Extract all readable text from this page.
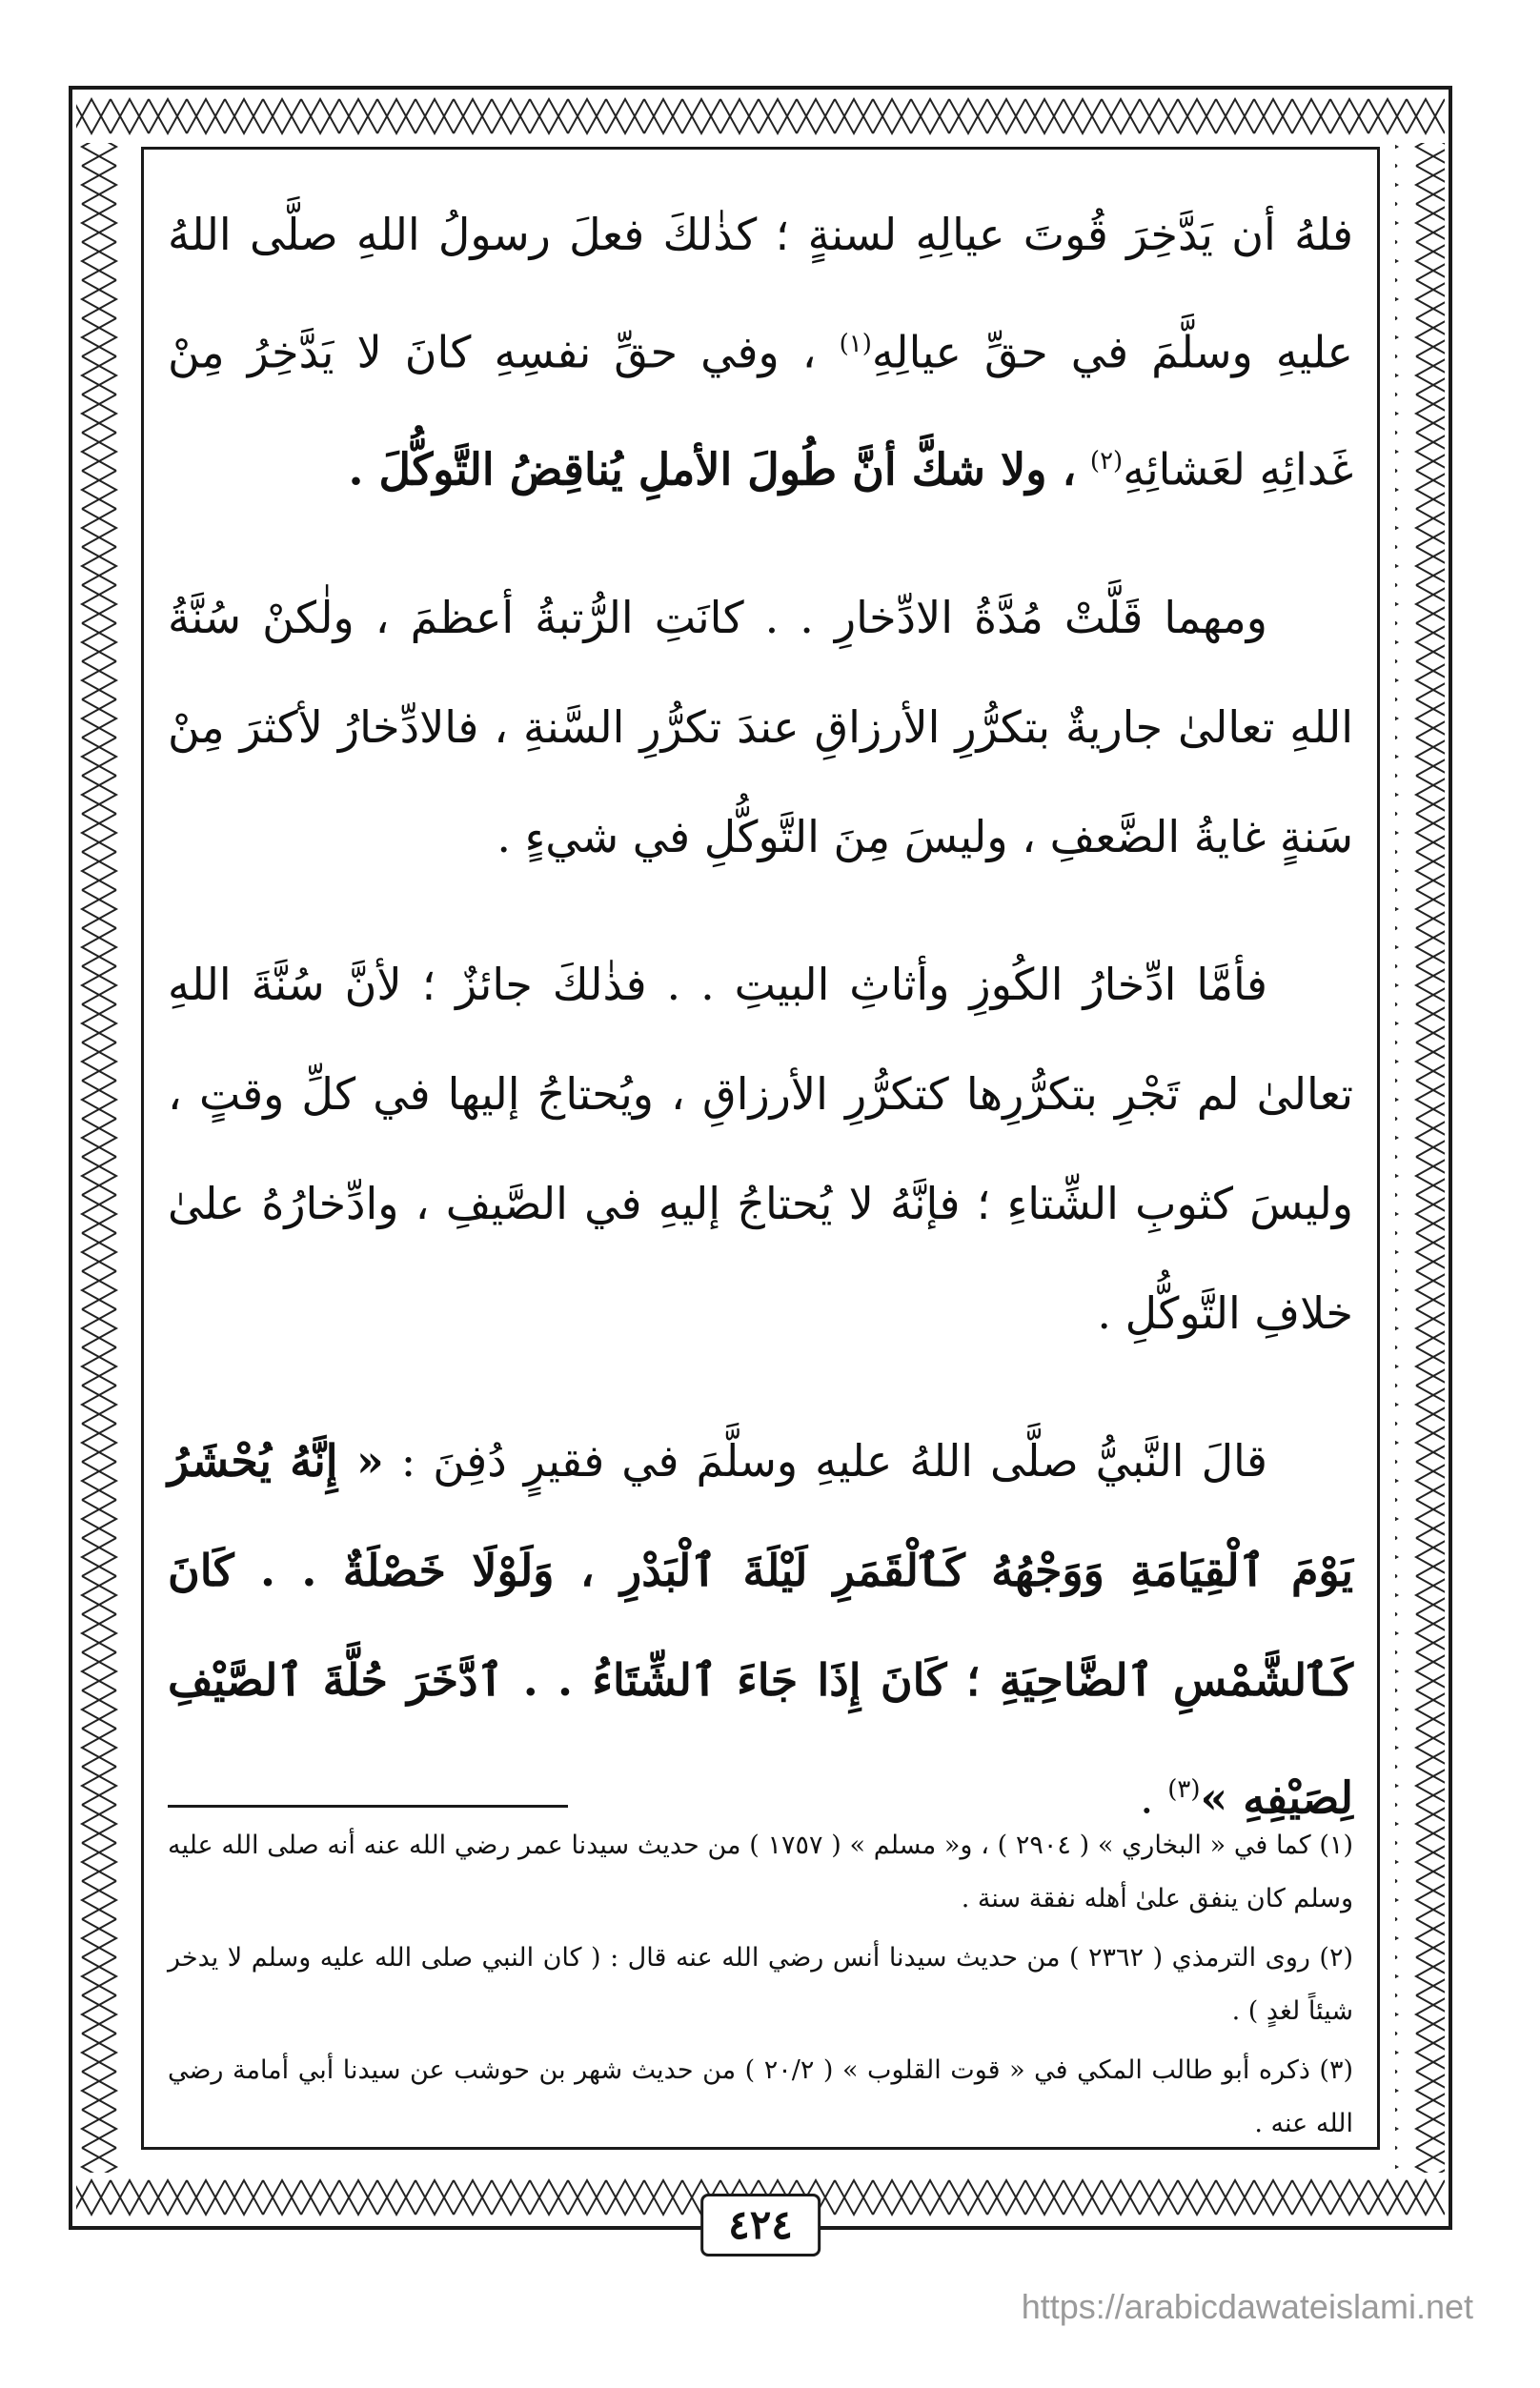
فلهُ أن يَدَّخِرَ قُوتَ عيالِهِ لسنةٍ ؛ كذٰلكَ فعلَ رسولُ اللهِ صلَّى اللهُ عليهِ وسلَّمَ في حقِّ عيالِهِ$^{(١)}$ ، وفي حقِّ نفسِهِ كانَ لا يَدَّخِرُ مِنْ غَدائِهِ لعَشائِهِ$^{(٢)}$ ، ولا شكَّ أنَّ طُولَ الأملِ يُناقِضُ التَّوكُّلَ .

ومهما قَلَّتْ مُدَّةُ الادِّخارِ . . كانَتِ الرُّتبةُ أعظمَ ، ولٰكنْ سُنَّةُ اللهِ تعالىٰ جاريةٌ بتكرُّرِ الأرزاقِ عندَ تكرُّرِ السَّنةِ ، فالادِّخارُ لأكثرَ مِنْ سَنةٍ غايةُ الضَّعفِ ، وليسَ مِنَ التَّوكُّلِ في شيءٍ .

فأمَّا ادِّخارُ الكُوزِ وأثاثِ البيتِ . . فذٰلكَ جائزٌ ؛ لأنَّ سُنَّةَ اللهِ تعالىٰ لم تَجْرِ بتكرُّرِها كتكرُّرِ الأرزاقِ ، ويُحتاجُ إليها في كلِّ وقتٍ ، وليسَ كثوبِ الشِّتاءِ ؛ فإنَّهُ لا يُحتاجُ إليهِ في الصَّيفِ ، وادِّخارُهُ علىٰ خلافِ التَّوكُّلِ .

قالَ النَّبيُّ صلَّى اللهُ عليهِ وسلَّمَ في فقيرٍ دُفِنَ : « إِنَّهُ يُحْشَرُ يَوْمَ ٱلْقِيَامَةِ وَوَجْهُهُ كَٱلْقَمَرِ لَيْلَةَ ٱلْبَدْرِ ، وَلَوْلَا خَصْلَةٌ . . كَانَ كَٱلشَّمْسِ ٱلضَّاحِيَةِ ؛ كَانَ إِذَا جَاءَ ٱلشِّتَاءُ . . ٱدَّخَرَ حُلَّةَ ٱلصَّيْفِ لِصَيْفِهِ »$^{(٣)}$ .

(١) كما في « البخاري » ( ٢٩٠٤ ) ، و« مسلم » ( ١٧٥٧ ) من حديث سيدنا عمر رضي الله عنه أنه صلى الله عليه وسلم كان ينفق علىٰ أهله نفقة سنة .

(٢) روى الترمذي ( ٢٣٦٢ ) من حديث سيدنا أنس رضي الله عنه قال : ( كان النبي صلى الله عليه وسلم لا يدخر شيئاً لغدٍ ) .

(٣) ذكره أبو طالب المكي في « قوت القلوب » ( ٢٠/٢ ) من حديث شهر بن حوشب عن سيدنا أبي أمامة رضي الله عنه .

٤٢٤
https://arabicdawateislami.net
